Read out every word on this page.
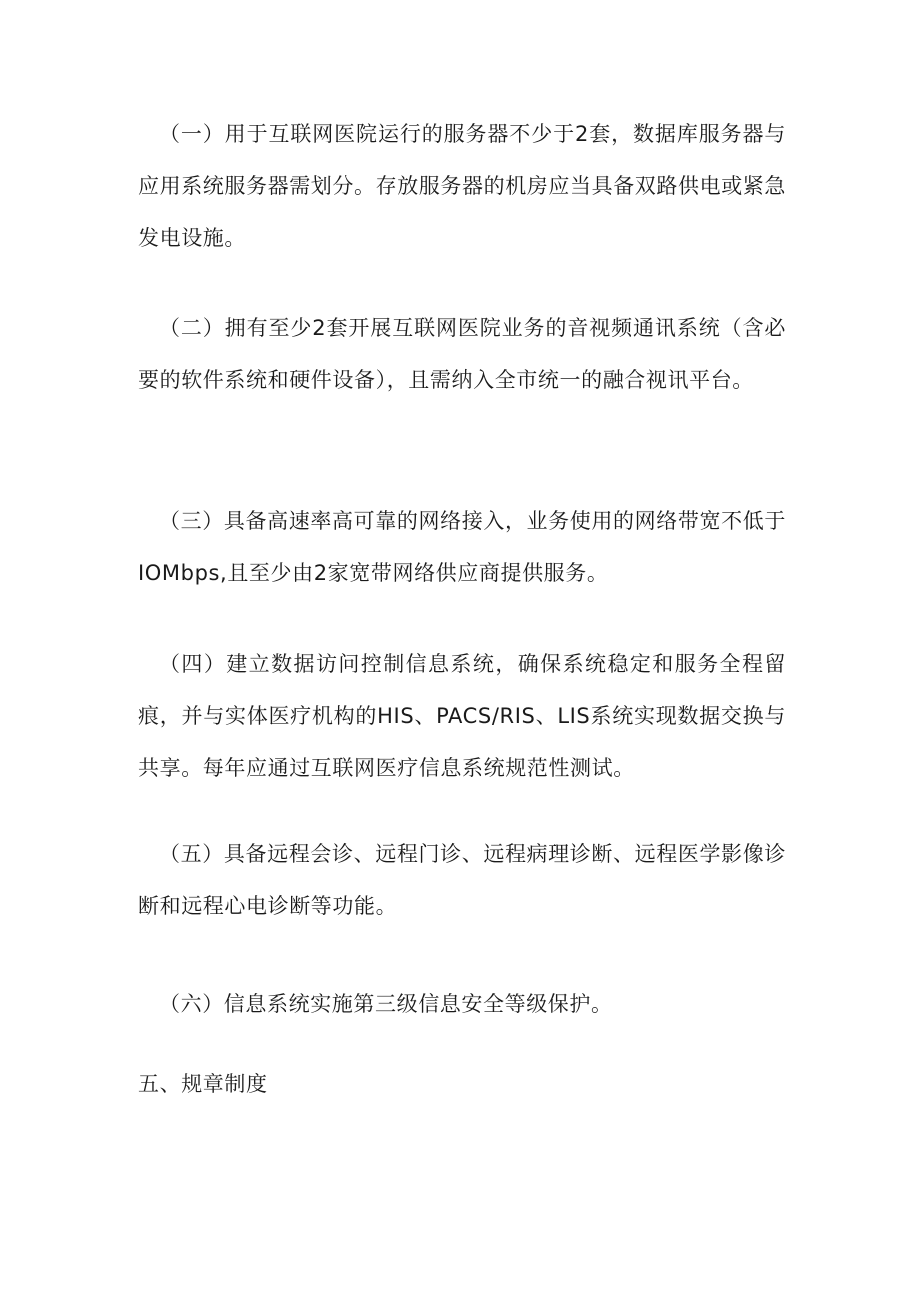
（一）用于互联网医院运行的服务器不少于2套，数据库服务器与应用系统服务器需划分。存放服务器的机房应当具备双路供电或紧急发电设施。

（二）拥有至少2套开展互联网医院业务的音视频通讯系统（含必要的软件系统和硬件设备），且需纳入全市统一的融合视讯平台。

（三）具备高速率高可靠的网络接入，业务使用的网络带宽不低于IOMbps,且至少由2家宽带网络供应商提供服务。

（四）建立数据访问控制信息系统，确保系统稳定和服务全程留痕，并与实体医疗机构的HIS、PACS/RIS、LIS系统实现数据交换与共享。每年应通过互联网医疗信息系统规范性测试。

（五）具备远程会诊、远程门诊、远程病理诊断、远程医学影像诊断和远程心电诊断等功能。

（六）信息系统实施第三级信息安全等级保护。

五、规章制度
